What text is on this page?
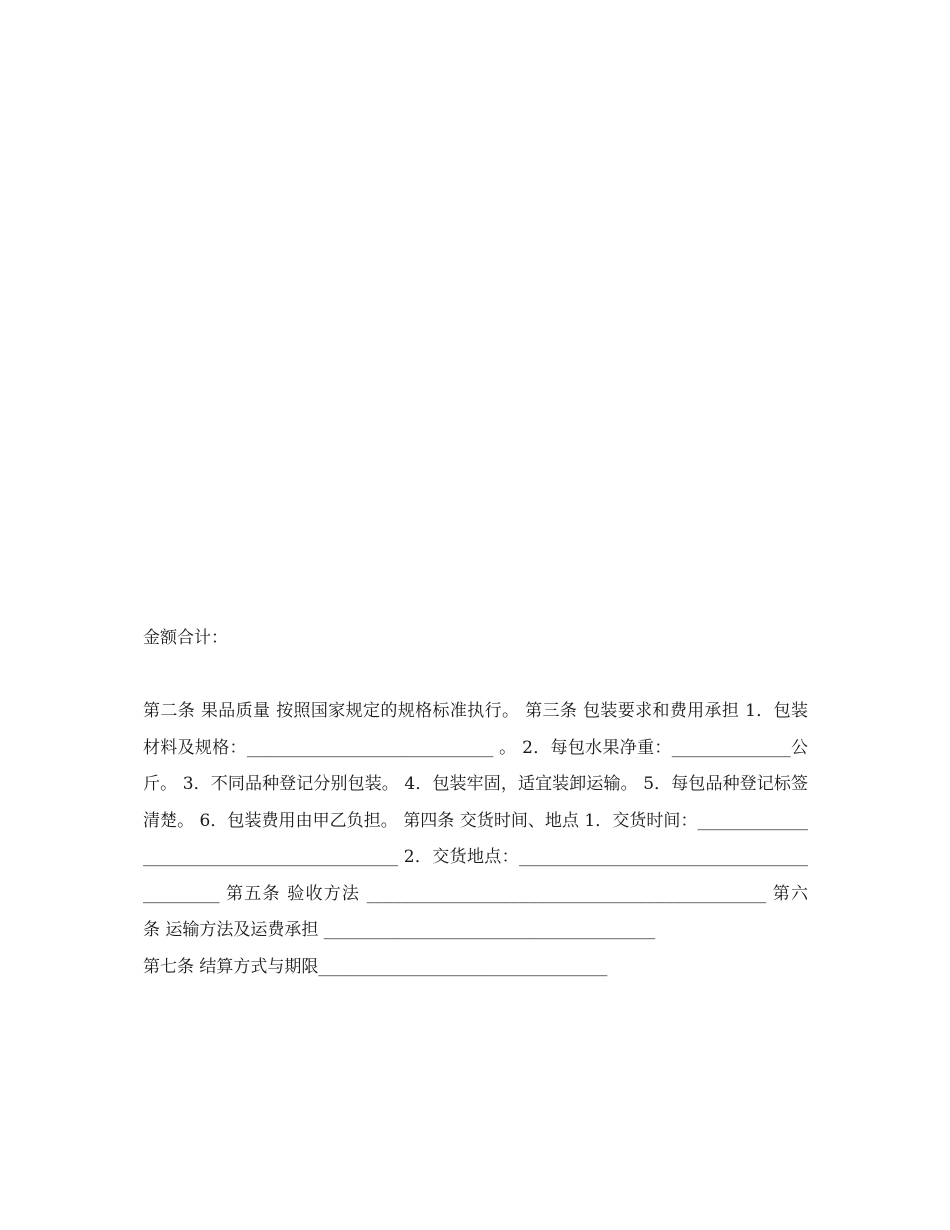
金额合计：

第二条 果品质量 按照国家规定的规格标准执行。 第三条 包装要求和费用承担 1．包装材料及规格：_____________________________ 。 2．每包水果净重：______________公斤。 3．不同品种登记分别包装。 4．包装牢固，适宜装卸运输。 5．每包品种登记标签清楚。 6．包装费用由甲乙负担。 第四条 交货时间、地点 1．交货时间：___________________________________________ 2．交货地点：___________________________________________ 第五条 验收方法 _______________________________________________ 第六条 运输方法及运费承担 _______________________________________

第七条 结算方式与期限__________________________________
